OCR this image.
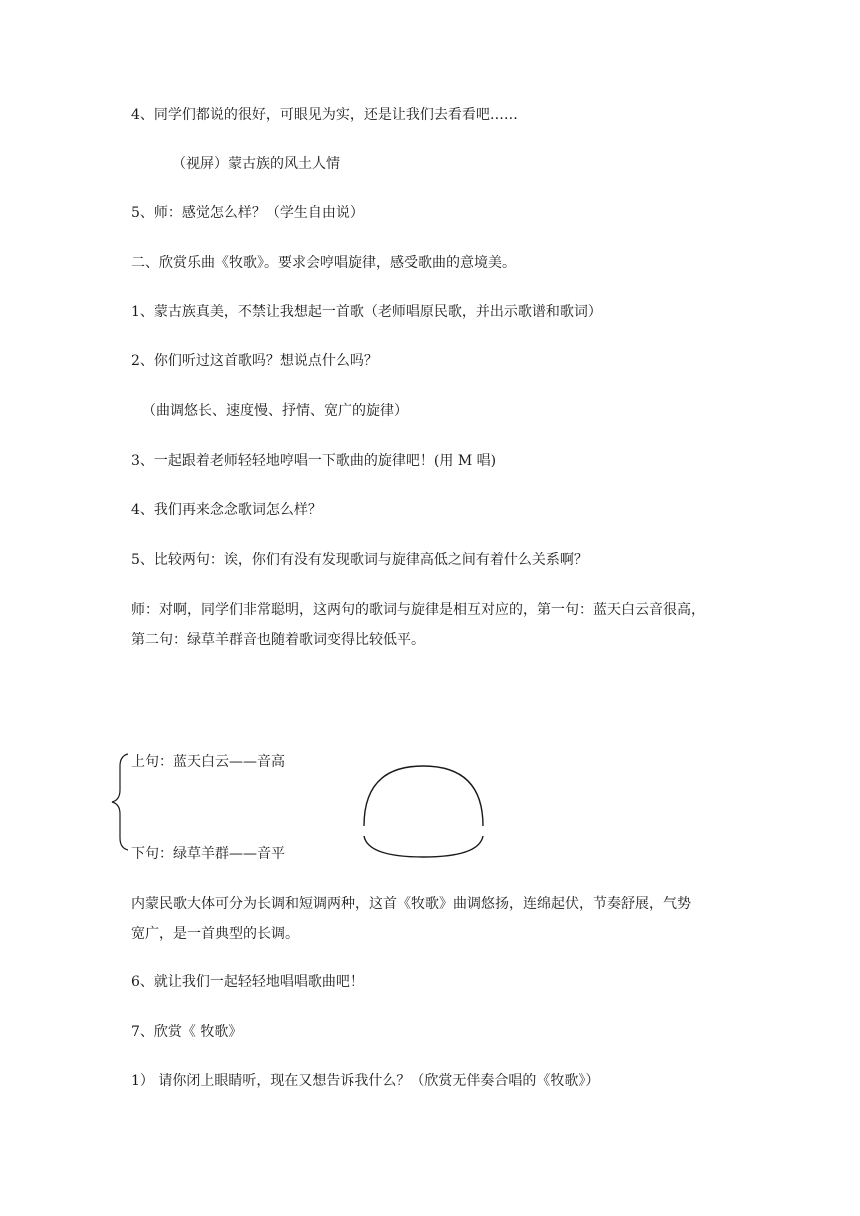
4、同学们都说的很好，可眼见为实，还是让我们去看看吧……

（视屏）蒙古族的风土人情

5、师：感觉怎么样？（学生自由说）

二、欣赏乐曲《牧歌》。要求会哼唱旋律，感受歌曲的意境美。

1、蒙古族真美，不禁让我想起一首歌（老师唱原民歌，并出示歌谱和歌词）

2、你们听过这首歌吗？想说点什么吗？

（曲调悠长、速度慢、抒情、宽广的旋律）

3、一起跟着老师轻轻地哼唱一下歌曲的旋律吧！(用 M 唱)

4、我们再来念念歌词怎么样？

5、比较两句：诶，你们有没有发现歌词与旋律高低之间有着什么关系啊？

师：对啊，同学们非常聪明，这两句的歌词与旋律是相互对应的，第一句：蓝天白云音很高，
第二句：绿草羊群音也随着歌词变得比较低平。

上句：蓝天白云——音高

下句：绿草羊群——音平

内蒙民歌大体可分为长调和短调两种，这首《牧歌》曲调悠扬，连绵起伏，节奏舒展，气势
宽广，是一首典型的长调。

6、就让我们一起轻轻地唱唱歌曲吧！

7、欣赏《 牧歌》

1） 请你闭上眼睛听，现在又想告诉我什么？（欣赏无伴奏合唱的《牧歌》）
